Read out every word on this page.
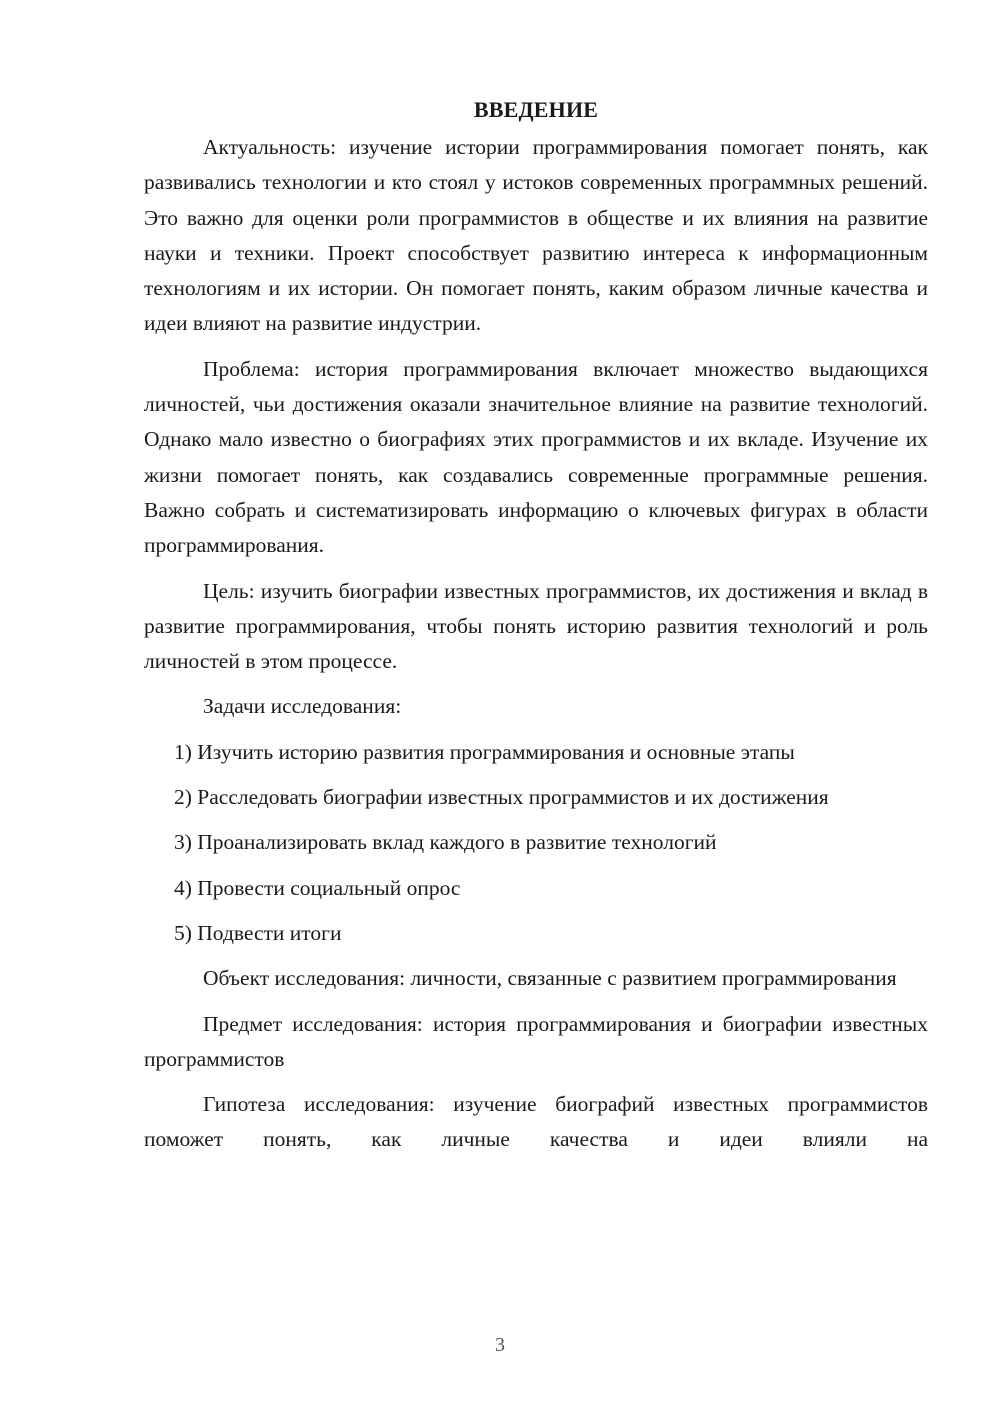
ВВЕДЕНИЕ

Актуальность: изучение истории программирования помогает понять, как развивались технологии и кто стоял у истоков современных программных решений. Это важно для оценки роли программистов в обществе и их влияния на развитие науки и техники. Проект способствует развитию интереса к информационным технологиям и их истории. Он помогает понять, каким образом личные качества и идеи влияют на развитие индустрии.

Проблема: история программирования включает множество выдающихся личностей, чьи достижения оказали значительное влияние на развитие технологий. Однако мало известно о биографиях этих программистов и их вкладе. Изучение их жизни помогает понять, как создавались современные программные решения. Важно собрать и систематизировать информацию о ключевых фигурах в области программирования.

Цель: изучить биографии известных программистов, их достижения и вклад в развитие программирования, чтобы понять историю развития технологий и роль личностей в этом процессе.

Задачи исследования:

1) Изучить историю развития программирования и основные этапы

2) Расследовать биографии известных программистов и их достижения

3) Проанализировать вклад каждого в развитие технологий

4) Провести социальный опрос

5) Подвести итоги

Объект исследования: личности, связанные с развитием программирования

Предмет исследования: история программирования и биографии известных программистов

Гипотеза исследования: изучение биографий известных программистов поможет понять, как личные качества и идеи влияли на

3
